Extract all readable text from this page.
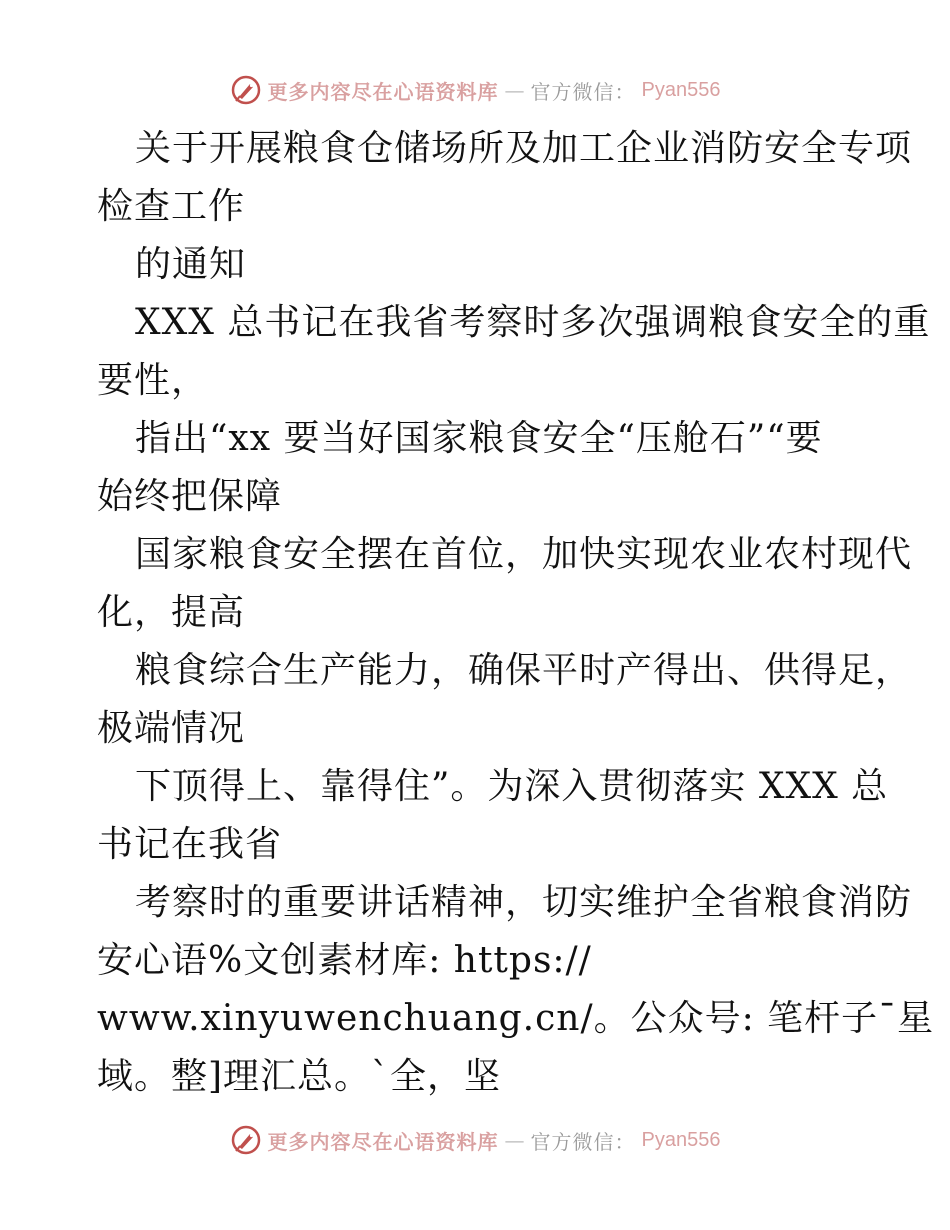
更多内容尽在心语资料库 — 官方微信： Pyan556
关于开展粮食仓储场所及加工企业消防安全专项
检查工作
的通知
XXX 总书记在我省考察时多次强调粮食安全的重
要性，
指出“xx 要当好国家粮食安全“压舱石”“要
始终把保障
国家粮食安全摆在首位，加快实现农业农村现代
化，提高
粮食综合生产能力，确保平时产得出、供得足，
极端情况
下顶得上、靠得住”。为深入贯彻落实 XXX 总
书记在我省
考察时的重要讲话精神，切实维护全省粮食消防
安心语%文创素材库: https://
www.xinyuwenchuang.cn/。公众号: 笔杆子¯星
域。整]理汇总。`全，坚
更多内容尽在心语资料库 — 官方微信： Pyan556
